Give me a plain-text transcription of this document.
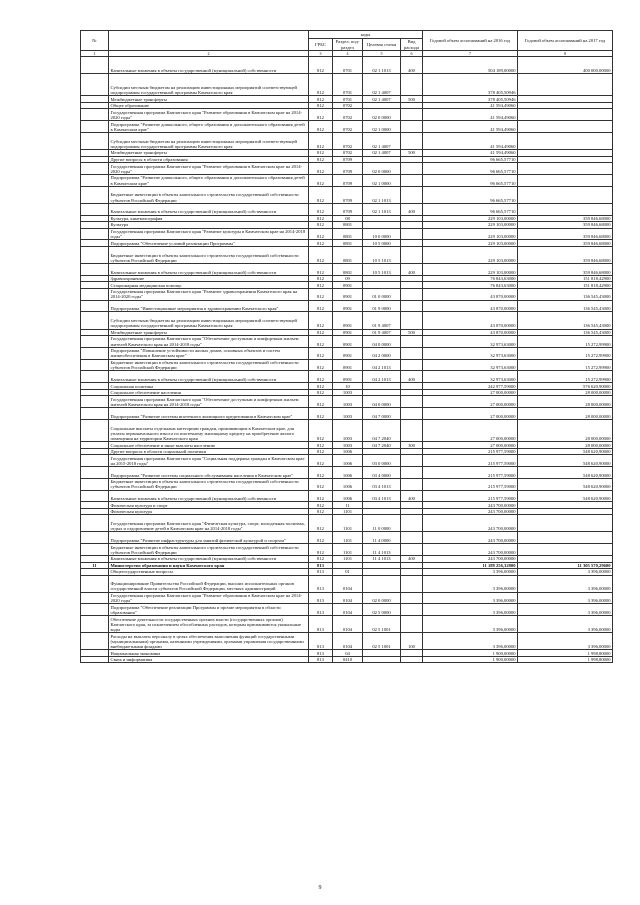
№		коды				Годовой объем ассигнований на 2016 год	Годовой объем ассигнований на 2017 год
		ГРБС	Раздел, под-раздел	Целевая статья	Вид расхода		
1	2	3	4	5	6	7	8
	Капитальные вложения в объекты государственной (муниципальной) собственности	812	0701	02 1 1013	400	504 189,00000	400 000,00000
	Субсидии местным бюджетам на реализацию инвестиционных мероприятий соответствующей подпрограммы государственной программы Камчатского края	812	0701	02 1 4007		378 405,50946	
	Межбюджетные трансферты	812	0701	02 1 4007	500	378 405,50946	
	Общее образование	812	0702			41 594,49060	
	Государственная программа Камчатского края "Развитие образования в Камчатском крае на 2014-2020 годы"	812	0702	02 0 0000		41 594,49060	
	Подпрограмма "Развитие дошкольного, общего образования и дополнительного образования детей в Камчатском крае"	812	0702	02 1 0000		41 594,49060	
	Субсидии местным бюджетам на реализацию инвестиционных мероприятий соответствующей подпрограммы государственной программы Камчатского края	812	0702	02 1 4007		41 594,49060	
	Межбюджетные трансферты	812	0702	02 1 4007	500	41 594,49060	
	Другие вопросы в области образования	812	0709			96 665,57710	
	Государственная программа Камчатского края "Развитие образования в Камчатском крае на 2014-2020 годы"	812	0709	02 0 0000		96 665,57710	
	Подпрограмма "Развитие дошкольного, общего образования и дополнительного образования детей в Камчатском крае"	812	0709	02 1 0000		96 665,57710	
	Бюджетные инвестиции в объекты капитального строительства государственной собственности субъектов Российской Федерации	812	0709	02 1 1013		96 665,57710	
	Капитальные вложения в объекты государственной (муниципальной) собственности	812	0709	02 1 1013	400	96 665,57710	
	Культура, кинематография	812	08			229 103,00000	359 846,68000
	Культура	812	0801			229 103,00000	359 846,68000
	Государственная программа Камчатского края "Развитие культуры в Камчатском крае на 2014-2018 годы"	812	0801	10 0 0000		229 103,00000	359 846,68000
	Подпрограмма "Обеспечение условий реализации Программы"	812	0801	10 5 0000		229 103,00000	359 846,68000
	Бюджетные инвестиции в объекты капитального строительства государственной собственности субъектов Российской Федерации	812	0801	10 5 1013		229 103,00000	359 846,68000
	Капитальные вложения в объекты государственной (муниципальной) собственности	812	0801	10 5 1013	400	229 103,00000	359 846,68000
	Здравоохранение	812	09			76 843,63000	151 818,42900
	Стационарная медицинская помощь	812	0901			76 843,63000	151 818,42900
	Государственная программа Камчатского края "Развитие здравоохранения Камчатского края на 2014-2020 годы"	812	0901	01 0 0000		43 870,00000	136 545,43000
	Подпрограмма "Инвестиционные мероприятия в здравоохранении Камчатского края"	812	0901	01 9 0000		43 870,00000	136 545,43000
	Субсидии местным бюджетам на реализацию инвестиционных мероприятий соответствующей подпрограммы государственной программы Камчатского края	812	0901	01 9 4007		43 870,00000	136 545,43000
	Межбюджетные трансферты	812	0901	01 9 4007	500	43 870,00000	136 545,43000
	Государственная программа Камчатского края "Обеспечение доступным и комфортным жильем жителей Камчатского края на 2014-2018 годы"	812	0901	04 0 0000		32 973,63000	15 272,99900
	Подпрограмма "Повышение устойчивости жилых домов, основных объектов и систем жизнеобеспечения в Камчатском крае"	812	0901	04 2 0000		32 973,63000	15 272,99900
	Бюджетные инвестиции в объекты капитального строительства государственной собственности субъектов Российской Федерации	812	0901	04 2 1013		32 973,63000	15 272,99900
	Капитальные вложения в объекты государственной (муниципальной) собственности	812	0901	04 2 1013	400	32 973,63000	15 272,99900
	Социальная политика	812	10			242 977,59000	576 620,90000
	Социальное обеспечение населения	812	1003			27 000,00000	28 000,00000
	Государственная программа Камчатского края "Обеспечение доступным и комфортным жильем жителей Камчатского края на 2014-2018 годы"	812	1003	04 0 0000		27 000,00000	28 000,00000
	Подпрограмма "Развитие системы ипотечного жилищного кредитования в Камчатском крае"	812	1003	04 7 0000		27 000,00000	28 000,00000
	Социальные выплаты отдельным категориям граждан, проживающим в Камчатском крае, для уплаты первоначального взноса по ипотечному жилищному кредиту на приобретение жилого помещения на территории Камчатского края	812	1003	04 7 2040		27 000,00000	28 000,00000
	Социальное обеспечение и иные выплаты населению	812	1003	04 7 2040	300	27 000,00000	28 000,00000
	Другие вопросы в области социальной политики	812	1006			215 977,59000	548 620,90000
	Государственная программа Камчатского края "Социальная поддержка граждан в Камчатском крае на 2015-2018 годы"	812	1006	03 0 0000		215 977,59000	548 620,90000
	Подпрограмма "Развитие системы социального обслуживания населения в Камчатском крае"	812	1006	03 4 0000		215 977,59000	548 620,90000
	Бюджетные инвестиции в объекты капитального строительства государственной собственности субъектов Российской Федерации	812	1006	03 4 1013		215 977,59000	548 620,90000
	Капитальные вложения в объекты государственной (муниципальной) собственности	812	1006	03 4 1013	400	215 977,59000	548 620,90000
	Физическая культура и спорт	812	11			243 700,00000	
	Физическая культура	812	1101			243 700,00000	
	Государственная программа Камчатского края "Физическая культура, спорт, молодежная политика, отдых и оздоровление детей в Камчатском крае на 2014-2018 годы"	812	1101	11 0 0000		243 700,00000	
	Подпрограмма "Развитие инфраструктуры для занятий физической культурой и спортом"	812	1101	11 4 0000		243 700,00000	
	Бюджетные инвестиции в объекты капитального строительства государственной собственности субъектов Российской Федерации	812	1101	11 4 1013		243 700,00000	
	Капитальные вложения в объекты государственной (муниципальной) собственности	812	1101	11 4 1013	400	243 700,00000	
11	Министерство образования и науки Камчатского края	813				11 188 256,32800	11 305 570,29600
	Общегосударственные вопросы	813	01			3 396,00000	3 396,00000
	Функционирование Правительства Российской Федерации, высших исполнительных органов государственной власти субъектов Российской Федерации, местных администраций	813	0104			3 396,00000	3 396,00000
	Государственная программа Камчатского края "Развитие образования в Камчатском крае на 2014-2020 годы"	813	0104	02 0 0000		3 396,00000	3 396,00000
	Подпрограмма "Обеспечение реализации Программы и прочие мероприятия в области образования"	813	0104	02 5 0000		3 396,00000	3 396,00000
	Обеспечение деятельности государственных органов власти (государственных органов) Камчатского края, за исключением обособленных расходов, которым присваиваются уникальные коды	813	0104	02 5 1001		3 396,00000	3 396,00000
	Расходы на выплаты персоналу в целях обеспечения выполнения функций государственными (муниципальными) органами, казенными учреждениями, органами управления государственными внебюджетными фондами	813	0104	02 5 1001	100	3 396,00000	3 396,00000
	Национальная экономика	813	04			1 900,00000	1 998,80000
	Связь и информатика	813	0410			1 900,00000	1 998,80000
9
